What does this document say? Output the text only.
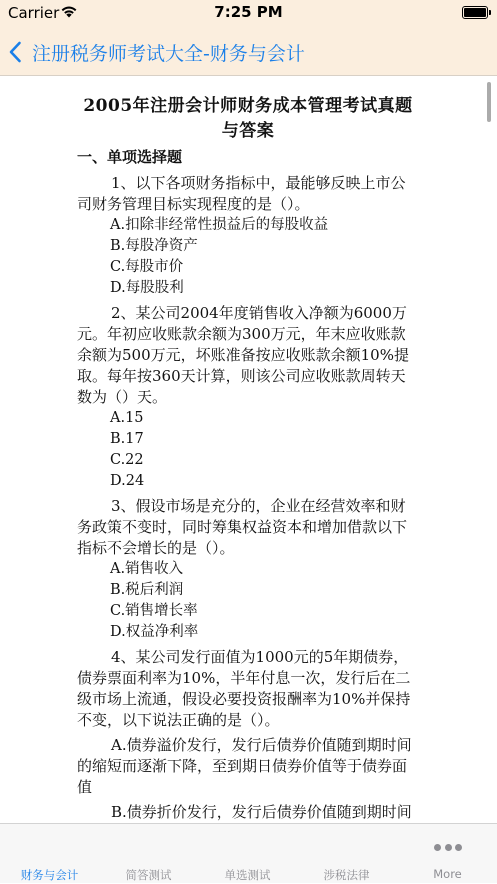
Carrier	7:25 PM
注册税务师考试大全-财务与会计
2005年注册会计师财务成本管理考试真题与答案
一、单项选择题

1、以下各项财务指标中，最能够反映上市公司财务管理目标实现程度的是（）。

A.扣除非经常性损益后的每股收益

B.每股净资产

C.每股市价

D.每股股利

2、某公司2004年度销售收入净额为6000万元。年初应收账款余额为300万元，年末应收账款余额为500万元，坏账准备按应收账款余额10%提取。每年按360天计算，则该公司应收账款周转天数为（）天。

A.15

B.17

C.22

D.24

3、假设市场是充分的，企业在经营效率和财务政策不变时，同时筹集权益资本和增加借款以下指标不会增长的是（）。

A.销售收入

B.税后利润

C.销售增长率

D.权益净利率

4、某公司发行面值为1000元的5年期债券，债券票面利率为10%，半年付息一次，发行后在二级市场上流通，假设必要投资报酬率为10%并保持不变，以下说法正确的是（）。

A.债券溢价发行，发行后债券价值随到期时间的缩短而逐渐下降，至到期日债券价值等于债券面值

B.债券折价发行，发行后债券价值随到期时间

财务与会计	简答测试	单选测试	涉税法律	More
